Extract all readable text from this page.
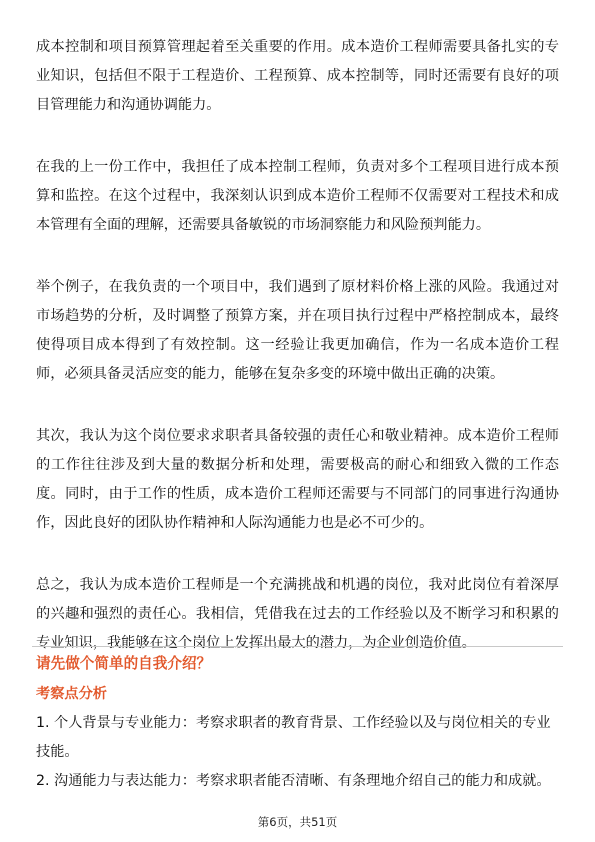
成本控制和项目预算管理起着至关重要的作用。成本造价工程师需要具备扎实的专业知识，包括但不限于工程造价、工程预算、成本控制等，同时还需要有良好的项目管理能力和沟通协调能力。

在我的上一份工作中，我担任了成本控制工程师，负责对多个工程项目进行成本预算和监控。在这个过程中，我深刻认识到成本造价工程师不仅需要对工程技术和成本管理有全面的理解，还需要具备敏锐的市场洞察能力和风险预判能力。

举个例子，在我负责的一个项目中，我们遇到了原材料价格上涨的风险。我通过对市场趋势的分析，及时调整了预算方案，并在项目执行过程中严格控制成本，最终使得项目成本得到了有效控制。这一经验让我更加确信，作为一名成本造价工程师，必须具备灵活应变的能力，能够在复杂多变的环境中做出正确的决策。

其次，我认为这个岗位要求求职者具备较强的责任心和敬业精神。成本造价工程师的工作往往涉及到大量的数据分析和处理，需要极高的耐心和细致入微的工作态度。同时，由于工作的性质，成本造价工程师还需要与不同部门的同事进行沟通协作，因此良好的团队协作精神和人际沟通能力也是必不可少的。

总之，我认为成本造价工程师是一个充满挑战和机遇的岗位，我对此岗位有着深厚的兴趣和强烈的责任心。我相信，凭借我在过去的工作经验以及不断学习和积累的专业知识，我能够在这个岗位上发挥出最大的潜力，为企业创造价值。

请先做个简单的自我介绍？
考察点分析

1. 个人背景与专业能力：考察求职者的教育背景、工作经验以及与岗位相关的专业技能。

2. 沟通能力与表达能力：考察求职者能否清晰、有条理地介绍自己的能力和成就。

第6页，共51页
